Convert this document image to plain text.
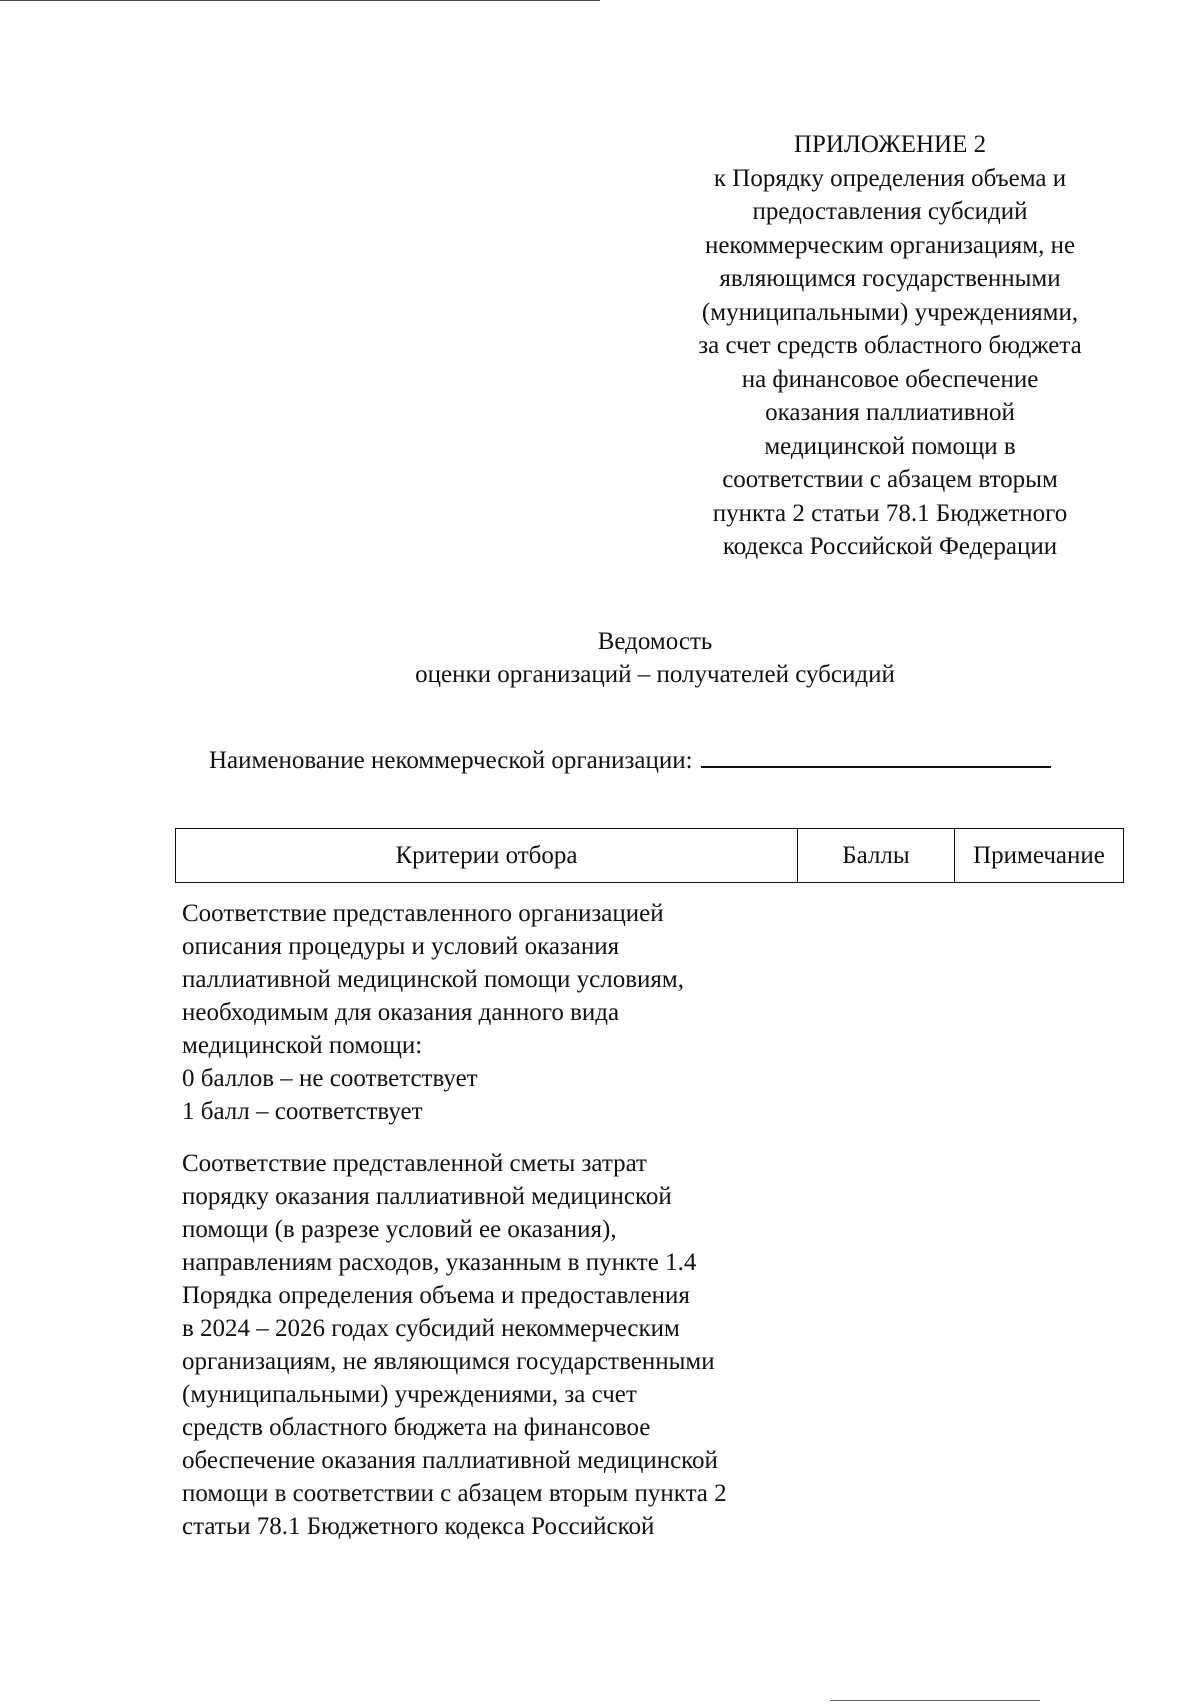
ПРИЛОЖЕНИЕ 2
к Порядку определения объема и
предоставления субсидий
некоммерческим организациям, не
являющимся государственными
(муниципальными) учреждениями,
за счет средств областного бюджета
на финансовое обеспечение
оказания паллиативной
медицинской помощи в
соответствии с абзацем вторым
пункта 2 статьи 78.1 Бюджетного
кодекса Российской Федерации
Ведомость
оценки организаций – получателей субсидий
Наименование некоммерческой организации:
Критерии отбора	Баллы	Примечание
Соответствие представленного организацией
описания процедуры и условий оказания
паллиативной медицинской помощи условиям,
необходимым для оказания данного вида
медицинской помощи:
0 баллов – не соответствует
1 балл – соответствует
Соответствие представленной сметы затрат
порядку оказания паллиативной медицинской
помощи (в разрезе условий ее оказания),
направлениям расходов, указанным в пункте 1.4
Порядка определения объема и предоставления
в 2024 – 2026 годах субсидий некоммерческим
организациям, не являющимся государственными
(муниципальными) учреждениями, за счет
средств областного бюджета на финансовое
обеспечение оказания паллиативной медицинской
помощи в соответствии с абзацем вторым пункта 2
статьи 78.1 Бюджетного кодекса Российской
